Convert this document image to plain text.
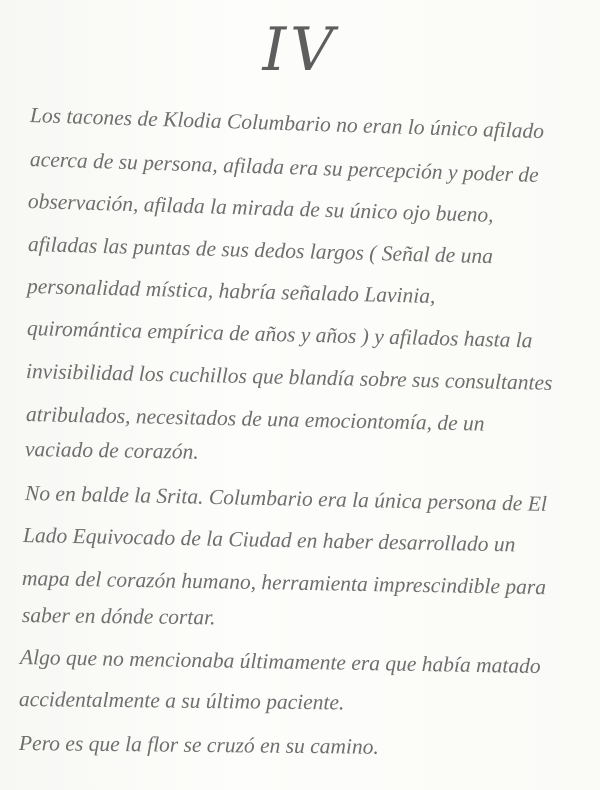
IV
Los tacones de Klodia Columbario no eran lo único afilado
acerca de su persona, afilada era su percepción y poder de
observación, afilada la mirada de su único ojo bueno,
afiladas las puntas de sus dedos largos ( Señal de una
personalidad mística, habría señalado Lavinia,
quiromántica empírica de años y años ) y afilados hasta la
invisibilidad los cuchillos que blandía sobre sus consultantes
atribulados, necesitados de una emociontomía, de un
vaciado de corazón.
No en balde la Srita. Columbario era la única persona de El
Lado Equivocado de la Ciudad en haber desarrollado un
mapa del corazón humano, herramienta imprescindible para
saber en dónde cortar.
Algo que no mencionaba últimamente era que había matado
accidentalmente a su último paciente.
Pero es que la flor se cruzó en su camino.
